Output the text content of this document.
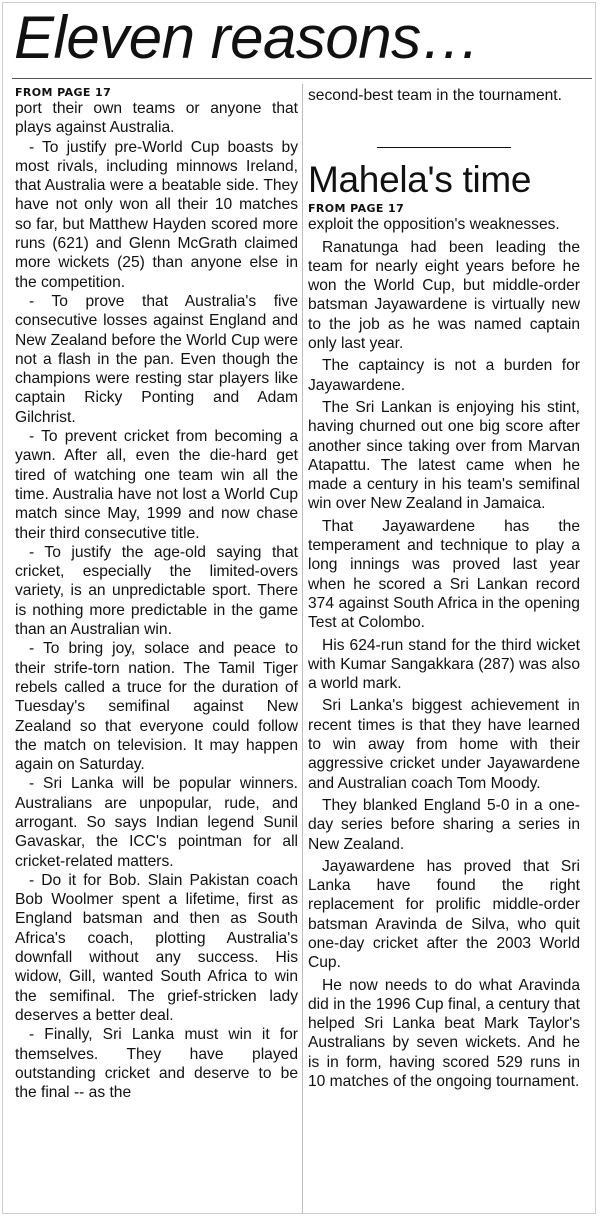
Eleven reasons…

FROM PAGE 17

port their own teams or anyone that plays against Australia.

- To justify pre-World Cup boasts by most rivals, including minnows Ireland, that Australia were a beatable side. They have not only won all their 10 matches so far, but Matthew Hayden scored more runs (621) and Glenn McGrath claimed more wickets (25) than anyone else in the competition.

- To prove that Australia's five consecutive losses against England and New Zealand before the World Cup were not a flash in the pan. Even though the champions were resting star players like captain Ricky Ponting and Adam Gilchrist.

- To prevent cricket from becoming a yawn. After all, even the die-hard get tired of watching one team win all the time. Australia have not lost a World Cup match since May, 1999 and now chase their third consecutive title.

- To justify the age-old saying that cricket, especially the limited-overs variety, is an unpredictable sport. There is nothing more predictable in the game than an Australian win.

- To bring joy, solace and peace to their strife-torn nation. The Tamil Tiger rebels called a truce for the duration of Tuesday's semifinal against New Zealand so that everyone could follow the match on television. It may happen again on Saturday.

- Sri Lanka will be popular winners. Australians are unpopular, rude, and arrogant. So says Indian legend Sunil Gavaskar, the ICC's pointman for all cricket-related matters.

- Do it for Bob. Slain Pakistan coach Bob Woolmer spent a lifetime, first as England batsman and then as South Africa's coach, plotting Australia's downfall without any success. His widow, Gill, wanted South Africa to win the semifinal. The grief-stricken lady deserves a better deal.

- Finally, Sri Lanka must win it for themselves. They have played outstanding cricket and deserve to be the final -- as the

second-best team in the tournament.

Mahela's time

FROM PAGE 17

exploit the opposition's weaknesses.

Ranatunga had been leading the team for nearly eight years before he won the World Cup, but middle-order batsman Jayawardene is virtually new to the job as he was named captain only last year.

The captaincy is not a burden for Jayawardene.

The Sri Lankan is enjoying his stint, having churned out one big score after another since taking over from Marvan Atapattu. The latest came when he made a century in his team's semifinal win over New Zealand in Jamaica.

That Jayawardene has the temperament and technique to play a long innings was proved last year when he scored a Sri Lankan record 374 against South Africa in the opening Test at Colombo.

His 624-run stand for the third wicket with Kumar Sangakkara (287) was also a world mark.

Sri Lanka's biggest achievement in recent times is that they have learned to win away from home with their aggressive cricket under Jayawardene and Australian coach Tom Moody.

They blanked England 5-0 in a one-day series before sharing a series in New Zealand.

Jayawardene has proved that Sri Lanka have found the right replacement for prolific middle-order batsman Aravinda de Silva, who quit one-day cricket after the 2003 World Cup.

He now needs to do what Aravinda did in the 1996 Cup final, a century that helped Sri Lanka beat Mark Taylor's Australians by seven wickets. And he is in form, having scored 529 runs in 10 matches of the ongoing tournament.
